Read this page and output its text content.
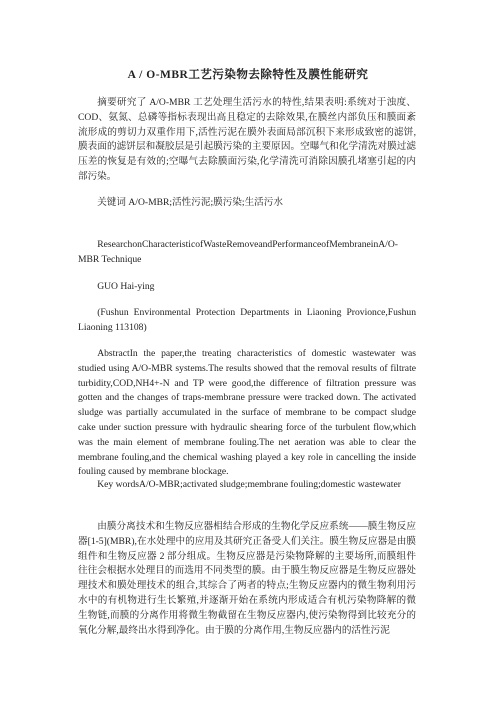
A / O-MBR工艺污染物去除特性及膜性能研究

摘要研究了 A/O-MBR 工艺处理生活污水的特性,结果表明:系统对于浊度、COD、氨氮、总磷等指标表现出高且稳定的去除效果,在膜丝内部负压和膜面紊流形成的剪切力双重作用下,活性污泥在膜外表面局部沉积下来形成致密的滤饼,膜表面的滤饼层和凝胶层是引起膜污染的主要原因。空曝气和化学清洗对膜过滤压差的恢复是有效的;空曝气去除膜面污染,化学清洗可消除因膜孔堵塞引起的内部污染。

关键词 A/O-MBR;活性污泥;膜污染;生活污水

ResearchonCharacteristicofWasteRemoveandPerformanceofMembraneinA/O-MBR Technique

GUO Hai-ying

(Fushun Environmental Protection Departments in Liaoning Provionce,Fushun Liaoning 113108)

AbstractIn the paper,the treating characteristics of domestic wastewater was studied using A/O-MBR systems.The results showed that the removal results of filtrate turbidity,COD,NH4+-N and TP were good,the difference of filtration pressure was gotten and the changes of traps-membrane pressure were tracked down. The activated sludge was partially accumulated in the surface of membrane to be compact sludge cake under suction pressure with hydraulic shearing force of the turbulent flow,which was the main element of membrane fouling.The net aeration was able to clear the membrane fouling,and the chemical washing played a key role in cancelling the inside fouling caused by membrane blockage.

Key wordsA/O-MBR;activated sludge;membrane fouling;domestic wastewater

由膜分离技术和生物反应器相结合形成的生物化学反应系统——膜生物反应器[1-5](MBR),在水处理中的应用及其研究正备受人们关注。膜生物反应器是由膜组件和生物反应器 2 部分组成。生物反应器是污染物降解的主要场所,而膜组件往往会根据水处理目的而选用不同类型的膜。由于膜生物反应器是生物反应器处理技术和膜处理技术的组合,其综合了两者的特点;生物反应器内的微生物利用污水中的有机物进行生长繁殖,并逐渐开始在系统内形成适合有机污染物降解的微生物链,而膜的分离作用将微生物截留在生物反应器内,使污染物得到比较充分的氧化分解,最终出水得到净化。由于膜的分离作用,生物反应器内的活性污泥
